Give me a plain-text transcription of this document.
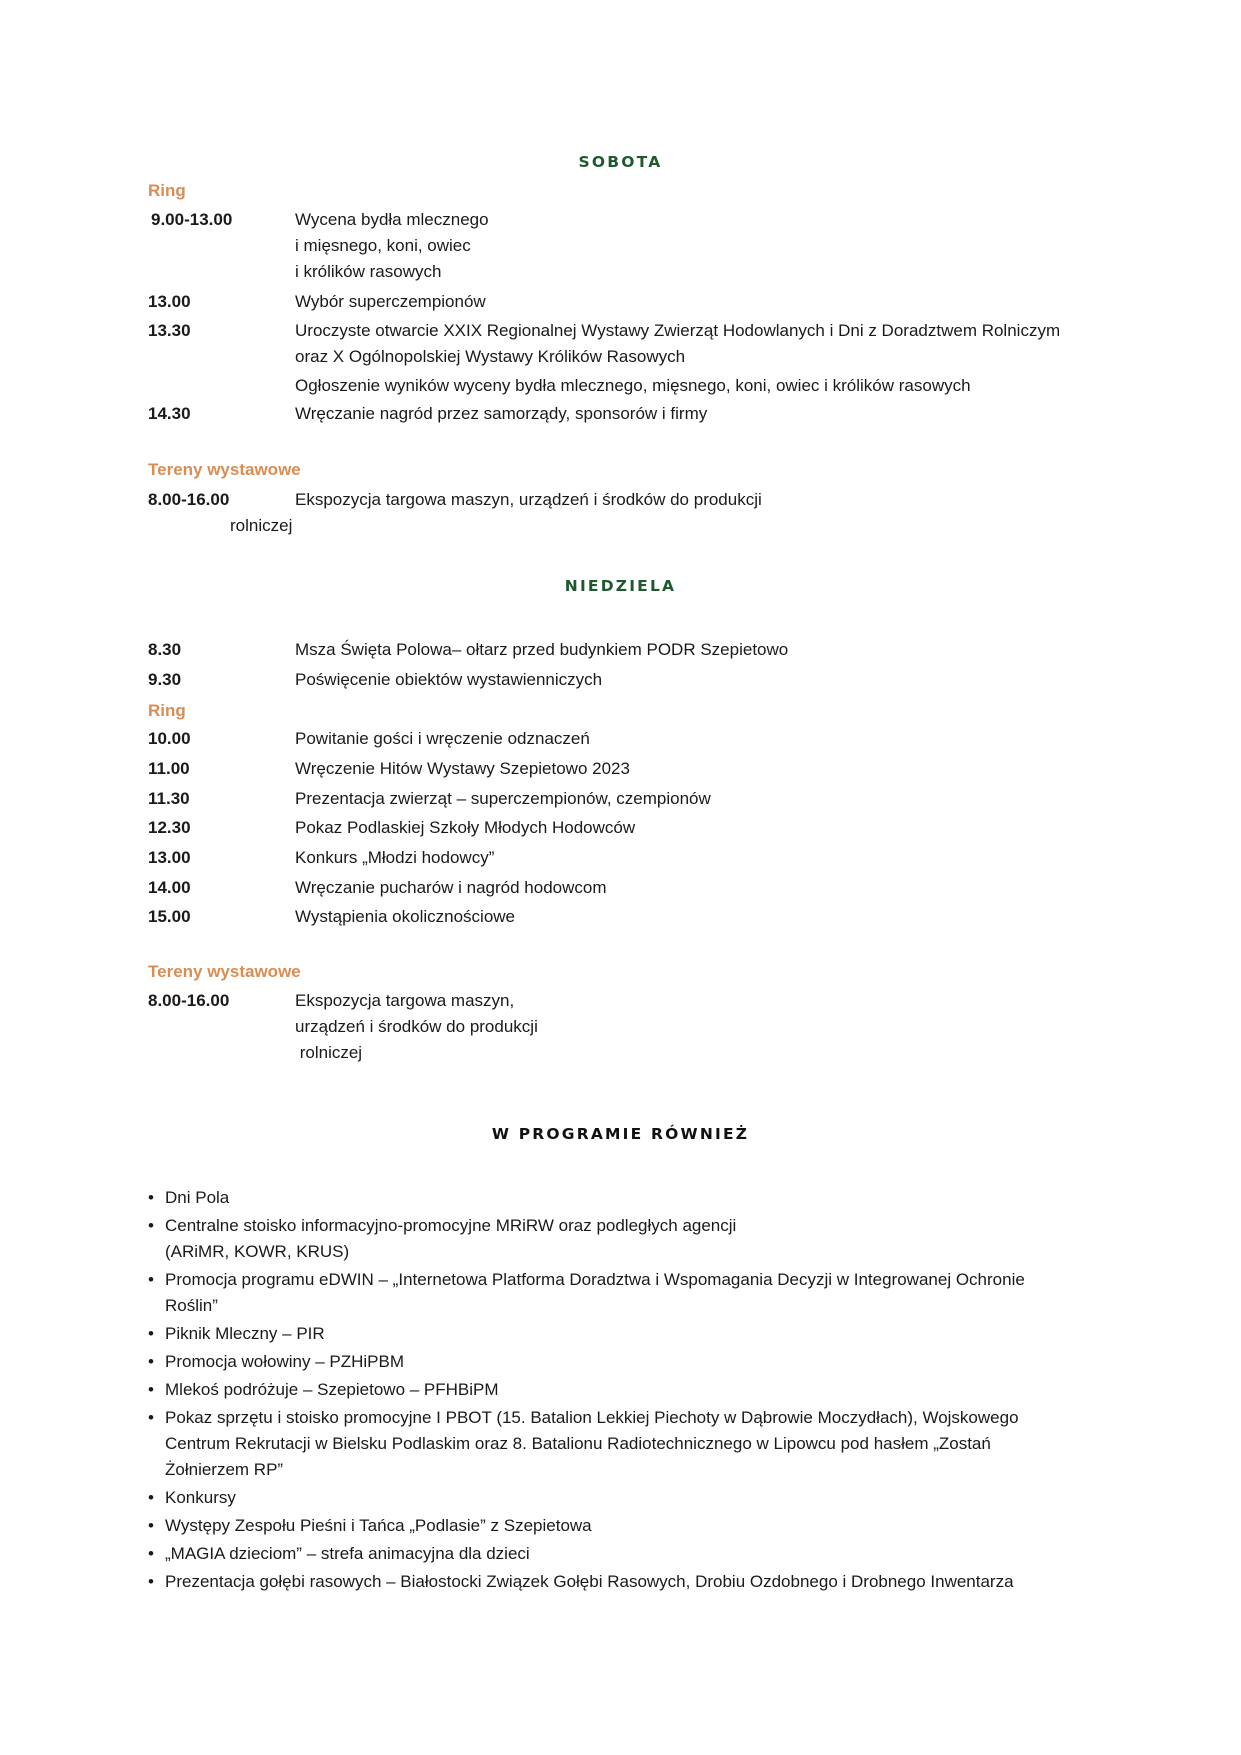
SOBOTA
Ring
9.00-13.00	Wycena bydła mlecznego
i mięsnego, koni, owiec
i królików rasowych
13.00	Wybór superczempionów
13.30	Uroczyste otwarcie XXIX Regionalnej Wystawy Zwierząt Hodowlanych i Dni z Doradztwem Rolniczym
oraz X Ogólnopolskiej Wystawy Królików Rasowych
Ogłoszenie wyników wyceny bydła mlecznego, mięsnego, koni, owiec i królików rasowych
14.30	Wręczanie nagród przez samorządy, sponsorów i firmy
Tereny wystawowe
8.00-16.00	Ekspozycja targowa maszyn, urządzeń i środków do produkcji
rolniczej
NIEDZIELA
8.30	Msza Święta Polowa– ołtarz przed budynkiem PODR Szepietowo
9.30	Poświęcenie obiektów wystawienniczych
Ring
10.00	Powitanie gości i wręczenie odznaczeń
11.00	Wręczenie Hitów Wystawy Szepietowo 2023
11.30	Prezentacja zwierząt – superczempionów, czempionów
12.30	Pokaz Podlaskiej Szkoły Młodych Hodowców
13.00	Konkurs „Młodzi hodowcy”
14.00	Wręczanie pucharów i nagród hodowcom
15.00	Wystąpienia okolicznościowe
Tereny wystawowe
8.00-16.00	Ekspozycja targowa maszyn,
urządzeń i środków do produkcji
rolniczej
W PROGRAMIE RÓWNIEŻ
• Dni Pola
• Centralne stoisko informacyjno-promocyjne MRiRW oraz podległych agencji
(ARiMR, KOWR, KRUS)
• Promocja programu eDWIN – „Internetowa Platforma Doradztwa i Wspomagania Decyzji w Integrowanej Ochronie
Roślin”
• Piknik Mleczny – PIR
• Promocja wołowiny – PZHiPBM
• Mlekoś podróżuje – Szepietowo – PFHBiPM
• Pokaz sprzętu i stoisko promocyjne I PBOT (15. Batalion Lekkiej Piechoty w Dąbrowie Moczydłach), Wojskowego
Centrum Rekrutacji w Bielsku Podlaskim oraz 8. Batalionu Radiotechnicznego w Lipowcu pod hasłem „Zostań
Żołnierzem RP”
• Konkursy
• Występy Zespołu Pieśni i Tańca „Podlasie” z Szepietowa
• „MAGIA dzieciom” – strefa animacyjna dla dzieci
• Prezentacja gołębi rasowych – Białostocki Związek Gołębi Rasowych, Drobiu Ozdobnego i Drobnego Inwentarza
